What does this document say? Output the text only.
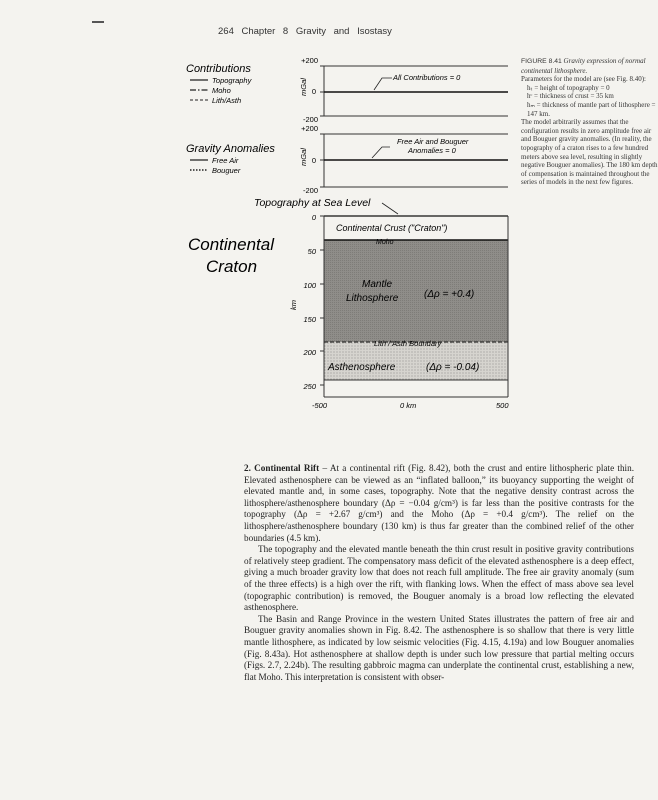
264 Chapter 8 Gravity and Isostasy
+200
0
-200
mGal
All Contributions = 0
Contributions
Topography
Moho
Lith/Asth
+200
0
-200
mGal
Free Air and Bouguer
Anomalies = 0
Gravity Anomalies
Free Air
Bouguer
Topography at Sea Level
Continental Crust ("Craton")
Moho
Mantle
Lithosphere	(Δρ = +0.4)
Lith / Asth Boundary
Asthenosphere	(Δρ = -0.04)
Continental
Craton
0
50
100
150
200
250
km
-500	0 km	500

FIGURE 8.41 Gravity expression of normal continental lithosphere.

Parameters for the model are (see Fig. 8.40):

hₜ = height of topography = 0

hᶜ = thickness of crust = 35 km

hₘ = thickness of mantle part of lithosphere = 147 km.

The model arbitrarily assumes that the configuration results in zero amplitude free air and Bouguer gravity anomalies. (In reality, the topography of a craton rises to a few hundred meters above sea level, resulting in slightly negative Bouguer anomalies). The 180 km depth of compensation is maintained throughout the series of models in the next few figures.

2. Continental Rift – At a continental rift (Fig. 8.42), both the crust and entire lithospheric plate thin. Elevated asthenosphere can be viewed as an “inflated balloon,” its buoyancy supporting the weight of elevated mantle and, in some cases, topography. Note that the negative density contrast across the lithosphere/asthenosphere boundary (Δρ = −0.04 g/cm³) is far less than the positive contrasts for the topography (Δρ = +2.67 g/cm³) and the Moho (Δρ = +0.4 g/cm³). The relief on the lithosphere/asthenosphere boundary (130 km) is thus far greater than the combined relief of the other boundaries (4.5 km).

The topography and the elevated mantle beneath the thin crust result in positive gravity contributions of relatively steep gradient. The compensatory mass deficit of the elevated asthenosphere is a deep effect, giving a much broader gravity low that does not reach full amplitude. The free air gravity anomaly (sum of the three effects) is a high over the rift, with flanking lows. When the effect of mass above sea level (topographic contribution) is removed, the Bouguer anomaly is a broad low reflecting the elevated asthenosphere.

The Basin and Range Province in the western United States illustrates the pattern of free air and Bouguer gravity anomalies shown in Fig. 8.42. The asthenosphere is so shallow that there is very little mantle lithosphere, as indicated by low seismic velocities (Fig. 4.15, 4.19a) and low Bouguer anomalies (Fig. 8.43a). Hot asthenosphere at shallow depth is under such low pressure that partial melting occurs (Figs. 2.7, 2.24b). The resulting gabbroic magma can underplate the continental crust, establishing a new, flat Moho. This interpretation is consistent with obser-
